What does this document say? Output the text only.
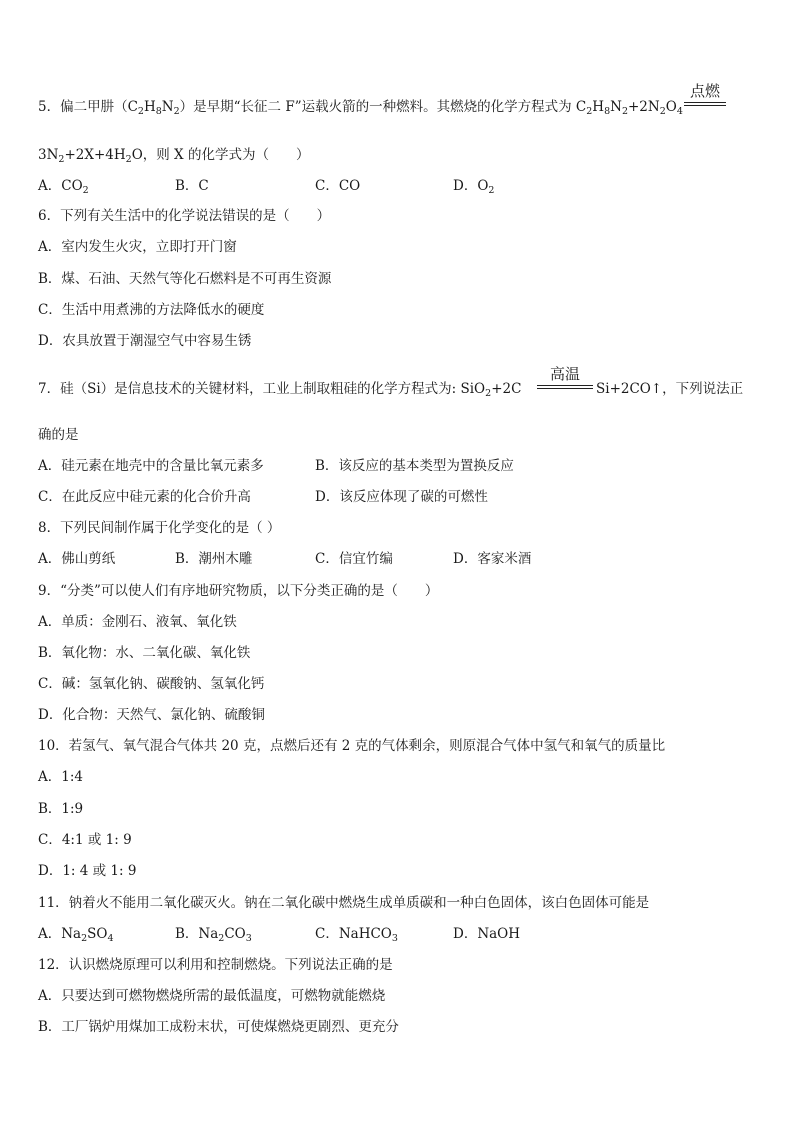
5．偏二甲肼$(C_2H_8N_2)$是早期“长征二 F”运载火箭的一种燃料。其燃烧的化学方程式为 $C_2H_8N_2+2N_2O_4$
点燃
$3N_2+2X+4H_2O$，则 X 的化学式为（　　）
A．$CO_2$	B．C	C．CO	D．$O_2$
6．下列有关生活中的化学说法错误的是（　　）
A．室内发生火灾，立即打开门窗
B．煤、石油、天然气等化石燃料是不可再生资源
C．生活中用煮沸的方法降低水的硬度
D．农具放置于潮湿空气中容易生锈
7．硅（Si）是信息技术的关键材料，工业上制取粗硅的化学方程式为: SiO$_2$+2C
高温
Si+2CO↑，下列说法正
确的是
A．硅元素在地壳中的含量比氧元素多	B．该反应的基本类型为置换反应
C．在此反应中硅元素的化合价升高	D．该反应体现了碳的可燃性
8．下列民间制作属于化学变化的是（ ）
A．佛山剪纸	B．潮州木雕	C．信宜竹编	D．客家米酒
9．“分类”可以使人们有序地研究物质，以下分类正确的是（　　）
A．单质：金刚石、液氧、氧化铁
B．氧化物：水、二氧化碳、氧化铁
C．碱：氢氧化钠、碳酸钠、氢氧化钙
D．化合物：天然气、氯化钠、硫酸铜
10．若氢气、氧气混合气体共 20 克，点燃后还有 2 克的气体剩余，则原混合气体中氢气和氧气的质量比
A．1:4
B．1:9
C．4:1 或 1: 9
D．1: 4 或 1: 9
11．钠着火不能用二氧化碳灭火。钠在二氧化碳中燃烧生成单质碳和一种白色固体，该白色固体可能是
A．$Na_2SO_4$	B．$Na_2CO_3$	C．NaHCO$_3$	D．NaOH
12．认识燃烧原理可以利用和控制燃烧。下列说法正确的是
A．只要达到可燃物燃烧所需的最低温度，可燃物就能燃烧
B．工厂锅炉用煤加工成粉末状，可使煤燃烧更剧烈、更充分
